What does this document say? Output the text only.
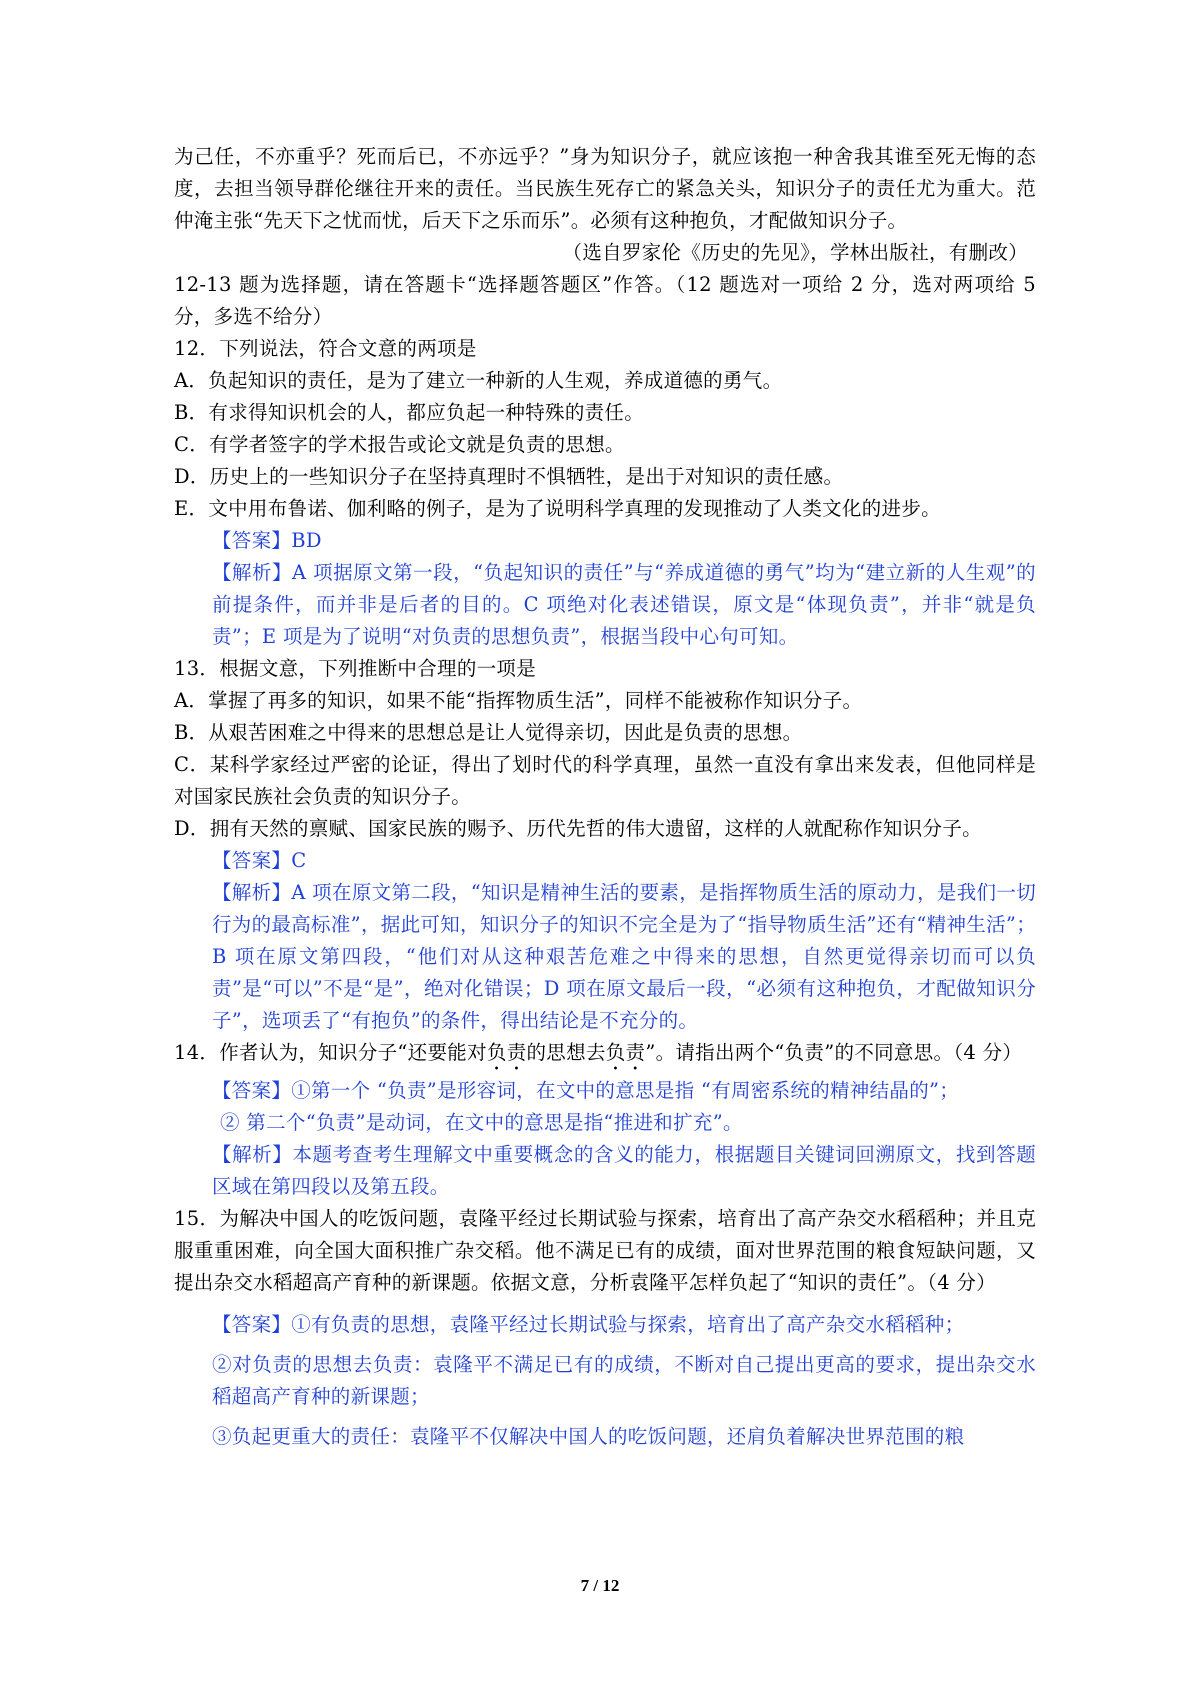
为己任，不亦重乎？死而后已，不亦远乎？”身为知识分子，就应该抱一种舍我其谁至死无悔的态度，去担当领导群伦继往开来的责任。当民族生死存亡的紧急关头，知识分子的责任尤为重大。范仲淹主张“先天下之忧而忧，后天下之乐而乐”。必须有这种抱负，才配做知识分子。

（选自罗家伦《历史的先见》，学林出版社，有删改）

12-13 题为选择题，请在答题卡“选择题答题区”作答。（12 题选对一项给 2 分，选对两项给 5 分，多选不给分）

12．下列说法，符合文意的两项是

A．负起知识的责任，是为了建立一种新的人生观，养成道德的勇气。

B．有求得知识机会的人，都应负起一种特殊的责任。

C．有学者签字的学术报告或论文就是负责的思想。

D．历史上的一些知识分子在坚持真理时不惧牺牲，是出于对知识的责任感。

E．文中用布鲁诺、伽利略的例子，是为了说明科学真理的发现推动了人类文化的进步。

【答案】BD

【解析】A 项据原文第一段，“负起知识的责任”与“养成道德的勇气”均为“建立新的人生观”的前提条件，而并非是后者的目的。C 项绝对化表述错误，原文是“体现负责”，并非“就是负责”；E 项是为了说明“对负责的思想负责”，根据当段中心句可知。

13．根据文意，下列推断中合理的一项是

A．掌握了再多的知识，如果不能“指挥物质生活”，同样不能被称作知识分子。

B．从艰苦困难之中得来的思想总是让人觉得亲切，因此是负责的思想。

C．某科学家经过严密的论证，得出了划时代的科学真理，虽然一直没有拿出来发表，但他同样是对国家民族社会负责的知识分子。

D．拥有天然的禀赋、国家民族的赐予、历代先哲的伟大遗留，这样的人就配称作知识分子。

【答案】C

【解析】A 项在原文第二段，“知识是精神生活的要素，是指挥物质生活的原动力，是我们一切行为的最高标准”，据此可知，知识分子的知识不完全是为了“指导物质生活”还有“精神生活”；B 项在原文第四段，“他们对从这种艰苦危难之中得来的思想，自然更觉得亲切而可以负责”是“可以”不是“是”，绝对化错误；D 项在原文最后一段，“必须有这种抱负，才配做知识分子”，选项丢了“有抱负”的条件，得出结论是不充分的。

14．作者认为，知识分子“还要能对负责的思想去负责”。请指出两个“负责”的不同意思。（4 分）

【答案】①第一个 “负责”是形容词，在文中的意思是指 “有周密系统的精神结晶的”；

② 第二个“负责”是动词，在文中的意思是指“推进和扩充”。

【解析】本题考查考生理解文中重要概念的含义的能力，根据题目关键词回溯原文，找到答题区域在第四段以及第五段。

15．为解决中国人的吃饭问题，袁隆平经过长期试验与探索，培育出了高产杂交水稻稻种；并且克服重重困难，向全国大面积推广杂交稻。他不满足已有的成绩，面对世界范围的粮食短缺问题，又提出杂交水稻超高产育种的新课题。依据文意，分析袁隆平怎样负起了“知识的责任”。（4 分）

【答案】①有负责的思想，袁隆平经过长期试验与探索，培育出了高产杂交水稻稻种；

②对负责的思想去负责：袁隆平不满足已有的成绩，不断对自己提出更高的要求，提出杂交水稻超高产育种的新课题；

③负起更重大的责任：袁隆平不仅解决中国人的吃饭问题，还肩负着解决世界范围的粮

7 / 12
